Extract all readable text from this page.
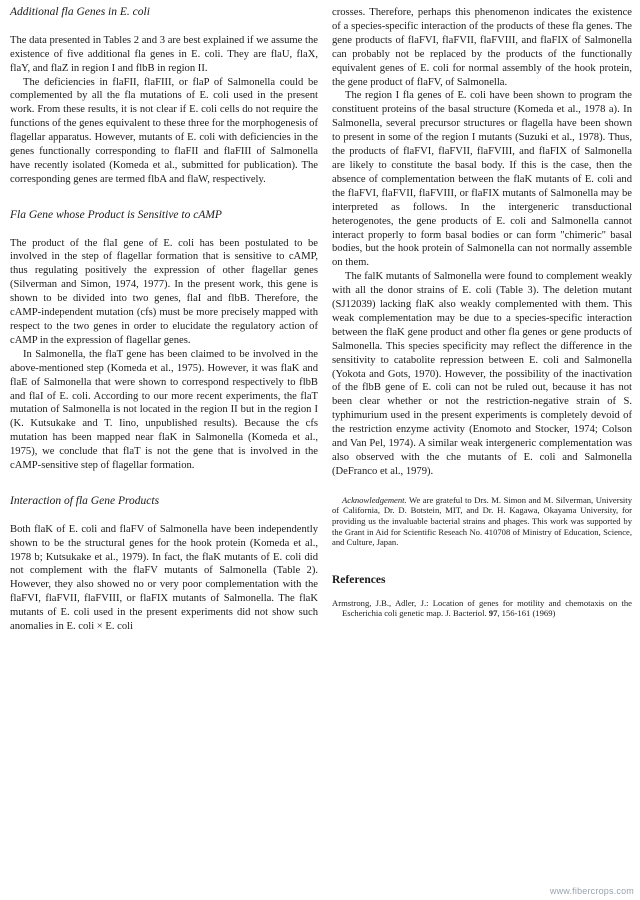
Additional fla Genes in E. coli

The data presented in Tables 2 and 3 are best explained if we assume the existence of five additional fla genes in E. coli. They are flaU, flaX, flaY, and flaZ in region I and flbB in region II.

The deficiencies in flaFII, flaFIII, or flaP of Salmonella could be complemented by all the fla mutations of E. coli used in the present work. From these results, it is not clear if E. coli cells do not require the functions of the genes equivalent to these three for the morphogenesis of flagellar apparatus. However, mutants of E. coli with deficiencies in the genes functionally corresponding to flaFII and flaFIII of Salmonella have recently isolated (Komeda et al., submitted for publication). The corresponding genes are termed flbA and flaW, respectively.

Fla Gene whose Product is Sensitive to cAMP

The product of the flaI gene of E. coli has been postulated to be involved in the step of flagellar formation that is sensitive to cAMP, thus regulating positively the expression of other flagellar genes (Silverman and Simon, 1974, 1977). In the present work, this gene is shown to be divided into two genes, flaI and flbB. Therefore, the cAMP-independent mutation (cfs) must be more precisely mapped with respect to the two genes in order to elucidate the regulatory action of cAMP in the expression of flagellar genes.

In Salmonella, the flaT gene has been claimed to be involved in the above-mentioned step (Komeda et al., 1975). However, it was flaK and flaE of Salmonella that were shown to correspond respectively to flbB and flaI of E. coli. According to our more recent experiments, the flaT mutation of Salmonella is not located in the region II but in the region I (K. Kutsukake and T. Iino, unpublished results). Because the cfs mutation has been mapped near flaK in Salmonella (Komeda et al., 1975), we conclude that flaT is not the gene that is involved in the cAMP-sensitive step of flagellar formation.

Interaction of fla Gene Products

Both flaK of E. coli and flaFV of Salmonella have been independently shown to be the structural genes for the hook protein (Komeda et al., 1978 b; Kutsukake et al., 1979). In fact, the flaK mutants of E. coli did not complement with the flaFV mutants of Salmonella (Table 2). However, they also showed no or very poor complementation with the flaFVI, flaFVII, flaFVIII, or flaFIX mutants of Salmonella. The flaK mutants of E. coli used in the present experiments did not show such anomalies in E. coli × E. coli

crosses. Therefore, perhaps this phenomenon indicates the existence of a species-specific interaction of the products of these fla genes. The gene products of flaFVI, flaFVII, flaFVIII, and flaFIX of Salmonella can probably not be replaced by the products of the functionally equivalent genes of E. coli for normal assembly of the hook protein, the gene product of flaFV, of Salmonella.

The region I fla genes of E. coli have been shown to program the constituent proteins of the basal structure (Komeda et al., 1978 a). In Salmonella, several precursor structures or flagella have been shown to present in some of the region I mutants (Suzuki et al., 1978). Thus, the products of flaFVI, flaFVII, flaFVIII, and flaFIX of Salmonella are likely to constitute the basal body. If this is the case, then the absence of complementation between the flaK mutants of E. coli and the flaFVI, flaFVII, flaFVIII, or flaFIX mutants of Salmonella may be interpreted as follows. In the intergeneric transductional heterogenotes, the gene products of E. coli and Salmonella cannot interact properly to form basal bodies or can form "chimeric" basal bodies, but the hook protein of Salmonella can not normally assemble on them.

The falK mutants of Salmonella were found to complement weakly with all the donor strains of E. coli (Table 3). The deletion mutant (SJ12039) lacking flaK also weakly complemented with them. This weak complementation may be due to a species-specific interaction between the flaK gene product and other fla genes or gene products of Salmonella. This species specificity may reflect the difference in the sensitivity to catabolite repression between E. coli and Salmonella (Yokota and Gots, 1970). However, the possibility of the inactivation of the flbB gene of E. coli can not be ruled out, because it has not been clear whether or not the restriction-negative strain of S. typhimurium used in the present experiments is completely devoid of the restriction enzyme activity (Enomoto and Stocker, 1974; Colson and Van Pel, 1974). A similar weak intergeneric complementation was also observed with the che mutants of E. coli and Salmonella (DeFranco et al., 1979).

Acknowledgement. We are grateful to Drs. M. Simon and M. Silverman, University of California, Dr. D. Botstein, MIT, and Dr. H. Kagawa, Okayama University, for providing us the invaluable bacterial strains and phages. This work was supported by the Grant in Aid for Scientific Reseach No. 410708 of Ministry of Education, Science, and Culture, Japan.

References

Armstrong, J.B., Adler, J.: Location of genes for motility and chemotaxis on the Escherichia coli genetic map. J. Bacteriol. 97, 156-161 (1969)

www.fibercrops.com
